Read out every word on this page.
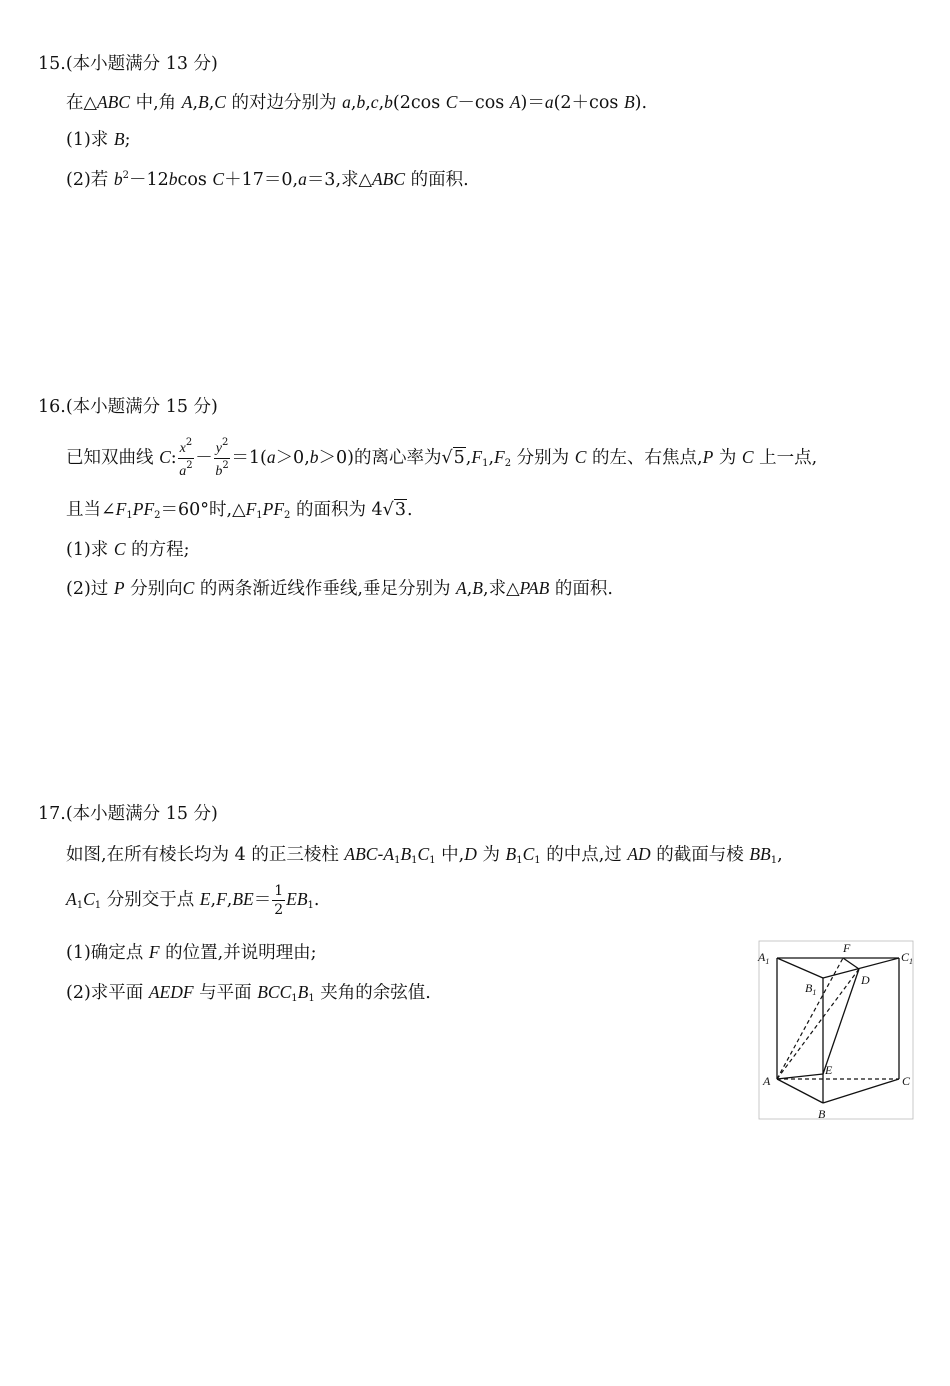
15.(本小题满分 13 分)
在△ABC 中,角 A,B,C 的对边分别为 a,b,c,b(2cos C－cos A)＝a(2＋cos B).
(1)求 B;
(2)若 $b^2-12bcos$ C＋17＝0,a＝3,求△ABC 的面积.
16.(本小题满分 15 分)
已知双曲线 C: $\frac{x^2}{a^2} - \frac{y^2}{b^2} =1(a>0,b>0)$的离心率为$√5,F_1,F_2$ 分别为 C 的左、右焦点,P 为 C 上一点,
且当$\angle F_1PF_2=60^\circ$时$,\triangle F_1PF_2$ 的面积为 4√3.
(1)求 C 的方程;
(2)过 P 分别向C 的两条渐近线作垂线,垂足分别为 A,B,求△PAB 的面积.
17.(本小题满分 15 分)
如图,在所有棱长均为 4 的正三棱柱 ABC-$A_1B_1C_1$ 中,D 为 $B_1C_1$ 的中点,过 AD 的截面与棱 $BB_1$,
$A_1C_1$ 分别交于点 $E,F,BE= \frac{1}{2} EB_1$.
(1)确定点 F 的位置,并说明理由;
(2)求平面 AEDF 与平面 $BCC_1B_1$ 夹角的余弦值.
$A_1$
$B_1$
$C_1$
F
D
E
A
B
C
